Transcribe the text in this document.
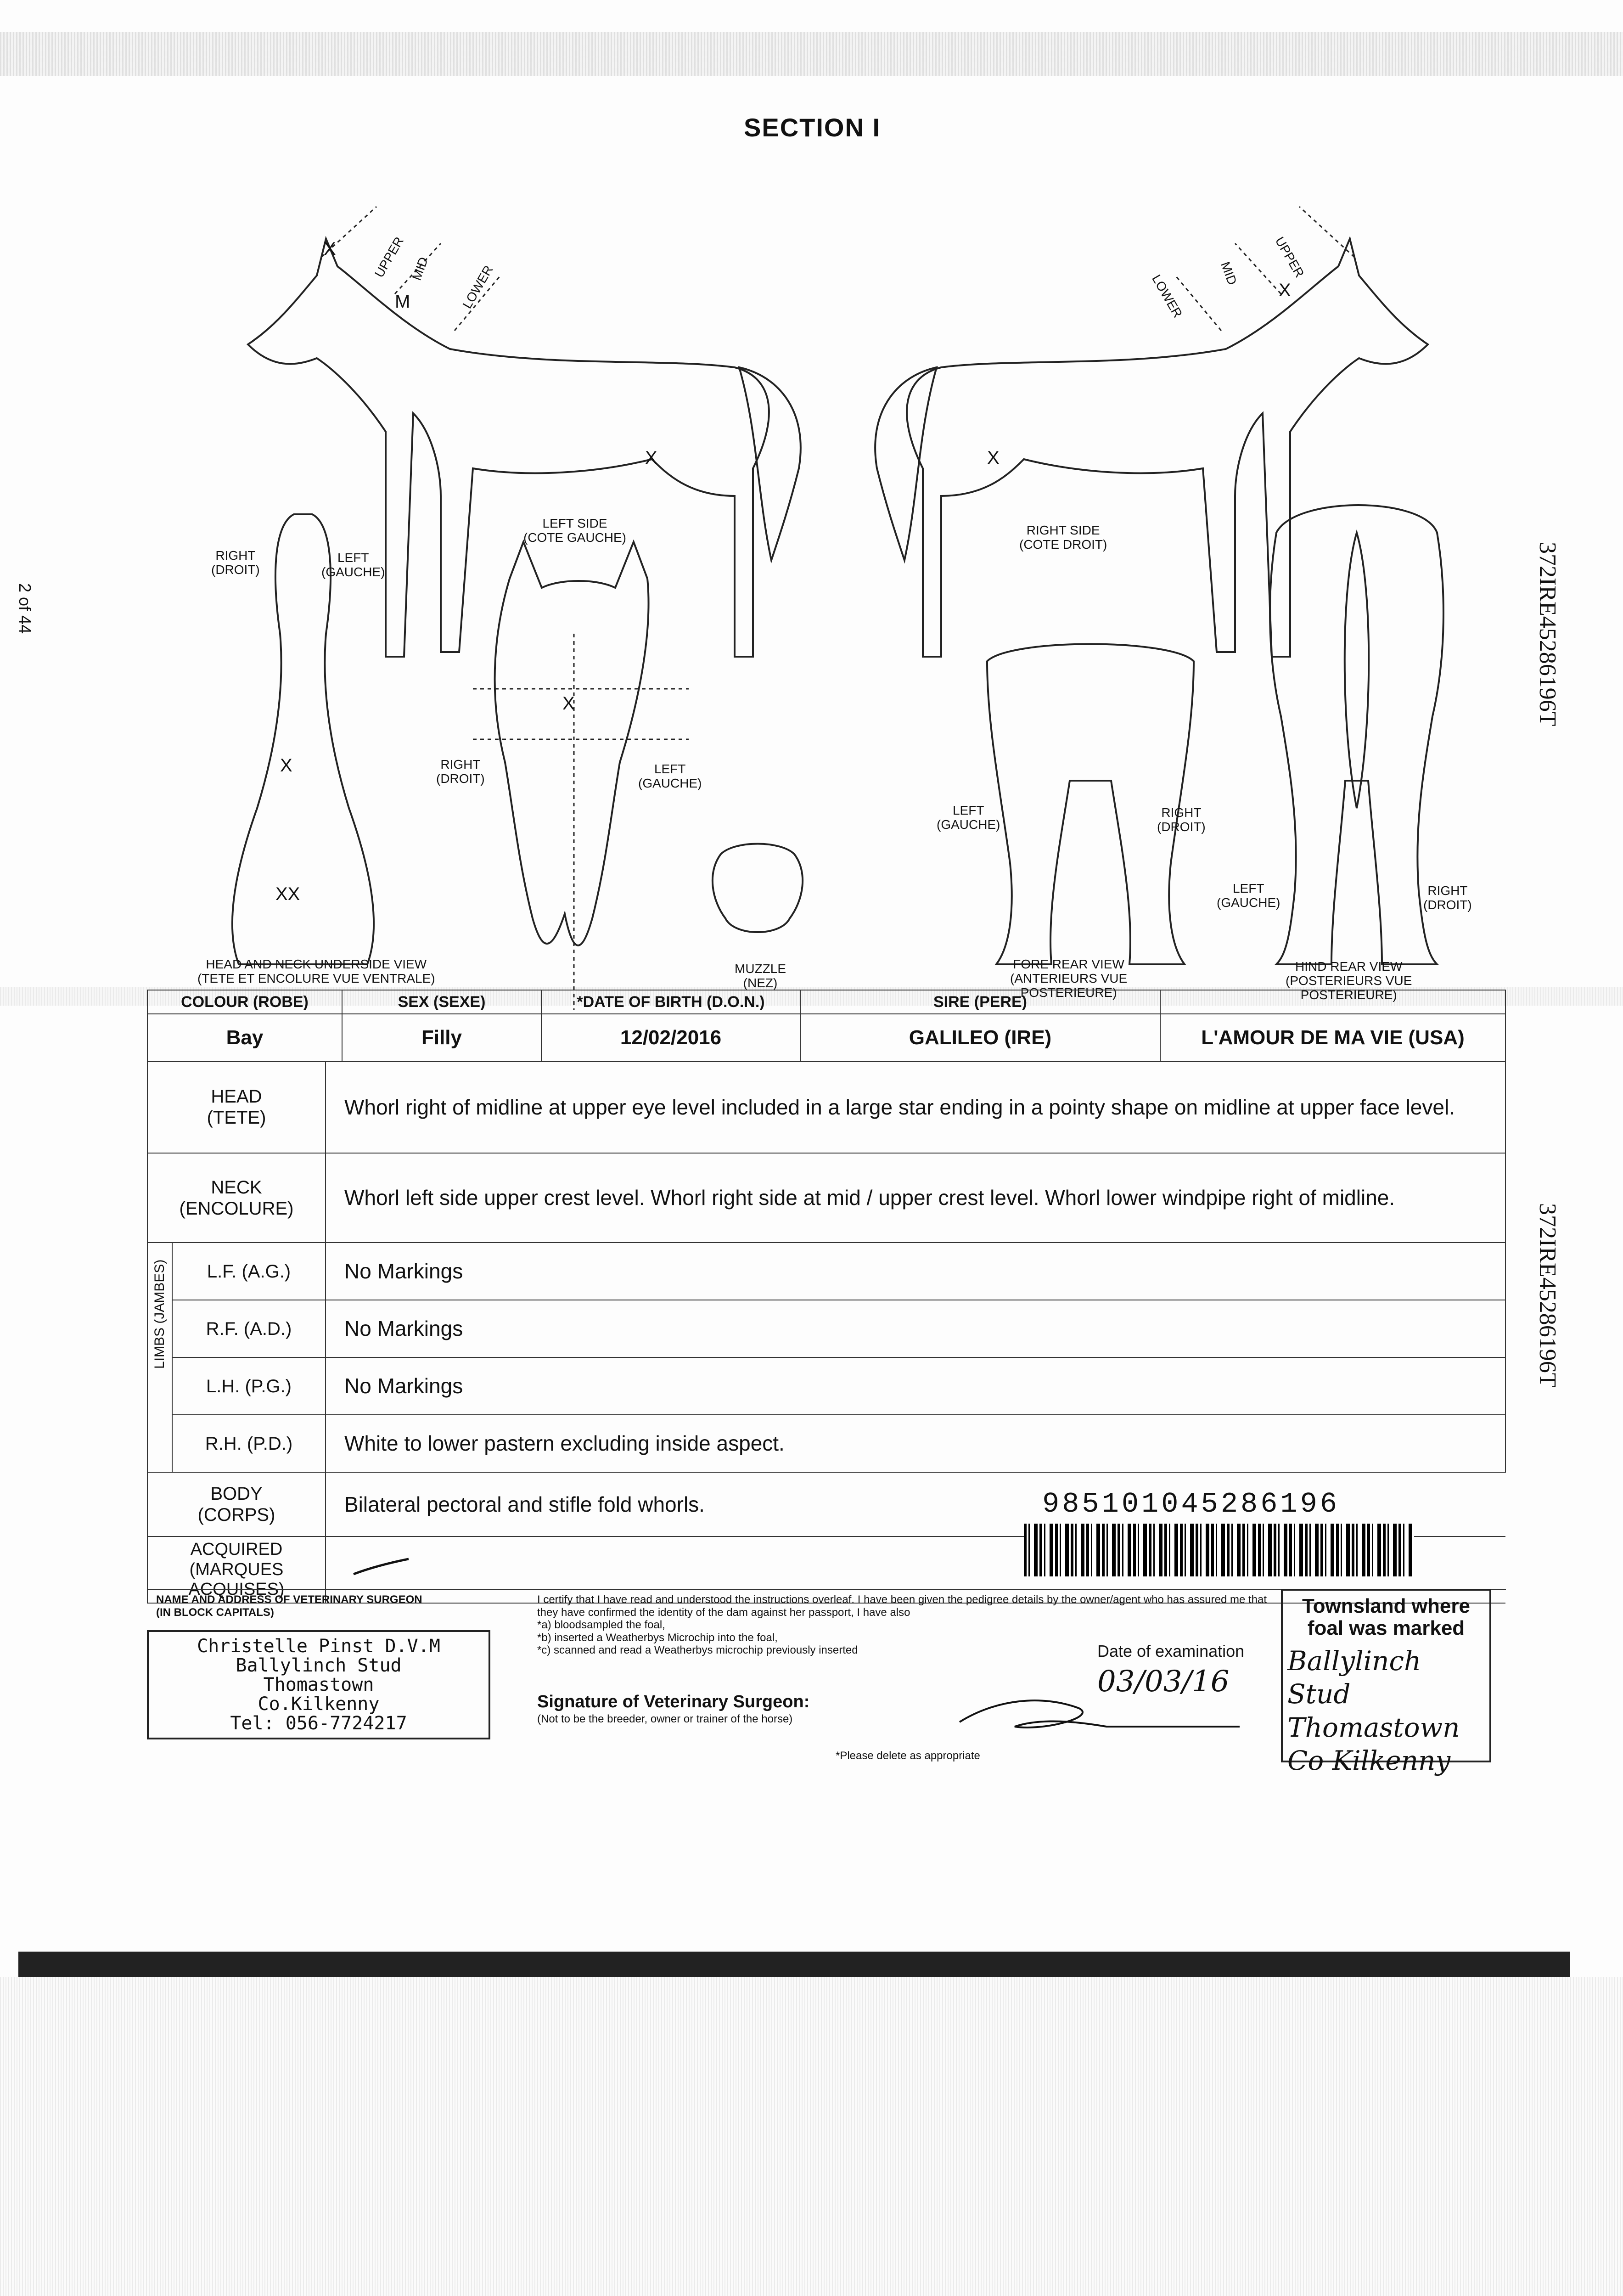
SECTION I
2 of 44	372IRE45286196T
372IRE45286196T
X
X
XX
X
X
X	X
M
UPPER MID LOWER
UPPER
MID
LOWER
LEFT SIDE
(COTE GAUCHE)
RIGHT SIDE
(COTE DROIT)
RIGHT
(DROIT)
LEFT
(GAUCHE)
RIGHT
(DROIT)
LEFT
(GAUCHE)
LEFT
(GAUCHE)
RIGHT
(DROIT)
LEFT
(GAUCHE)
RIGHT
(DROIT)
HEAD AND NECK UNDERSIDE VIEW
(TETE ET ENCOLURE VUE VENTRALE)
MUZZLE
(NEZ)
FORE REAR VIEW
(ANTERIEURS VUE
POSTERIEURE)
HIND REAR VIEW
(POSTERIEURS VUE
POSTERIEURE)
COLOUR (ROBE)	SEX (SEXE)	*DATE OF BIRTH (D.O.N.)	SIRE (PERE)	
Bay	Filly	12/02/2016	GALILEO (IRE)	L'AMOUR DE MA VIE (USA)
HEAD
(TETE)		Whorl right of midline at upper eye level included in a large star ending in a pointy shape on midline at upper face level.
NECK
(ENCOLURE)		Whorl left side upper crest level. Whorl right side at mid / upper crest level. Whorl lower windpipe right of midline.

LIMBS (JAMBES)	L.F. (A.G.)	No Markings
	R.F. (A.D.)	No Markings
	L.H. (P.G.)	No Markings
	R.H. (P.D.)	White to lower pastern excluding inside aspect.
BODY
(CORPS)		Bilateral pectoral and stifle fold whorls.
ACQUIRED
(MARQUES
ACQUISES)	
985101045286196
NAME AND ADDRESS OF VETERINARY SURGEON
(IN BLOCK CAPITALS)
Christelle Pinst D.V.M
Ballylinch Stud
Thomastown
Co.Kilkenny
Tel: 056-7724217
I certify that I have read and understood the instructions overleaf. I have been given the pedigree details by the owner/agent who has assured me that they have confirmed the identity of the dam against her passport, I have also
*a) bloodsampled the foal,
*b) inserted a Weatherbys Microchip into the foal,
*c) scanned and read a Weatherbys microchip previously inserted	Date of examination
03/03/16
Signature of Veterinary Surgeon:
(Not to be the breeder, owner or trainer of the horse)
*Please delete as appropriate
Townsland where foal was marked
Ballylinch Stud
Thomastown
Co Kilkenny
